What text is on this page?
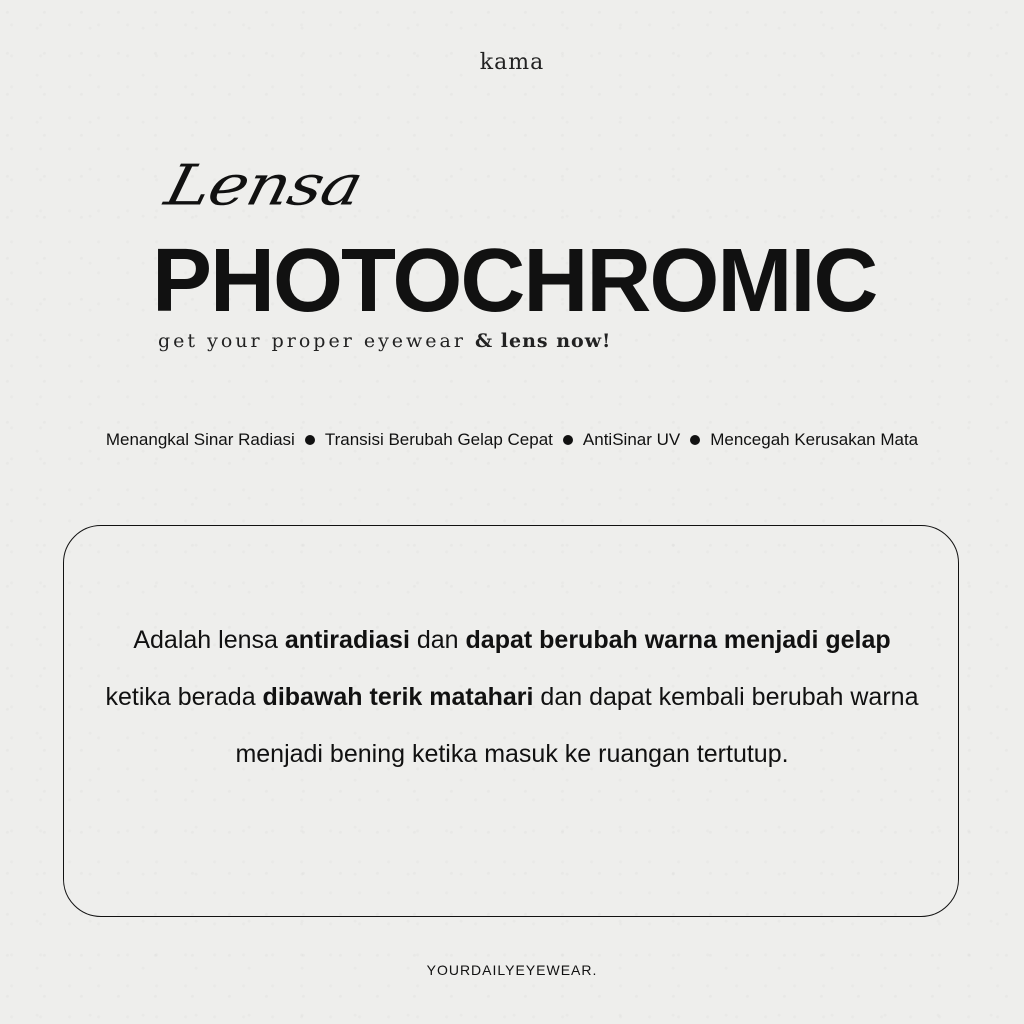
kama
Lensa
PHOTOCHROMIC
get your proper eyewear & lens now!
Menangkal Sinar Radiasi Transisi Berubah Gelap Cepat AntiSinar UV Mencegah Kerusakan Mata
Adalah lensa antiradiasi dan dapat berubah warna menjadi gelap ketika berada dibawah terik matahari dan dapat kembali berubah warna menjadi bening ketika masuk ke ruangan tertutup.
YOURDAILYEYEWEAR.
